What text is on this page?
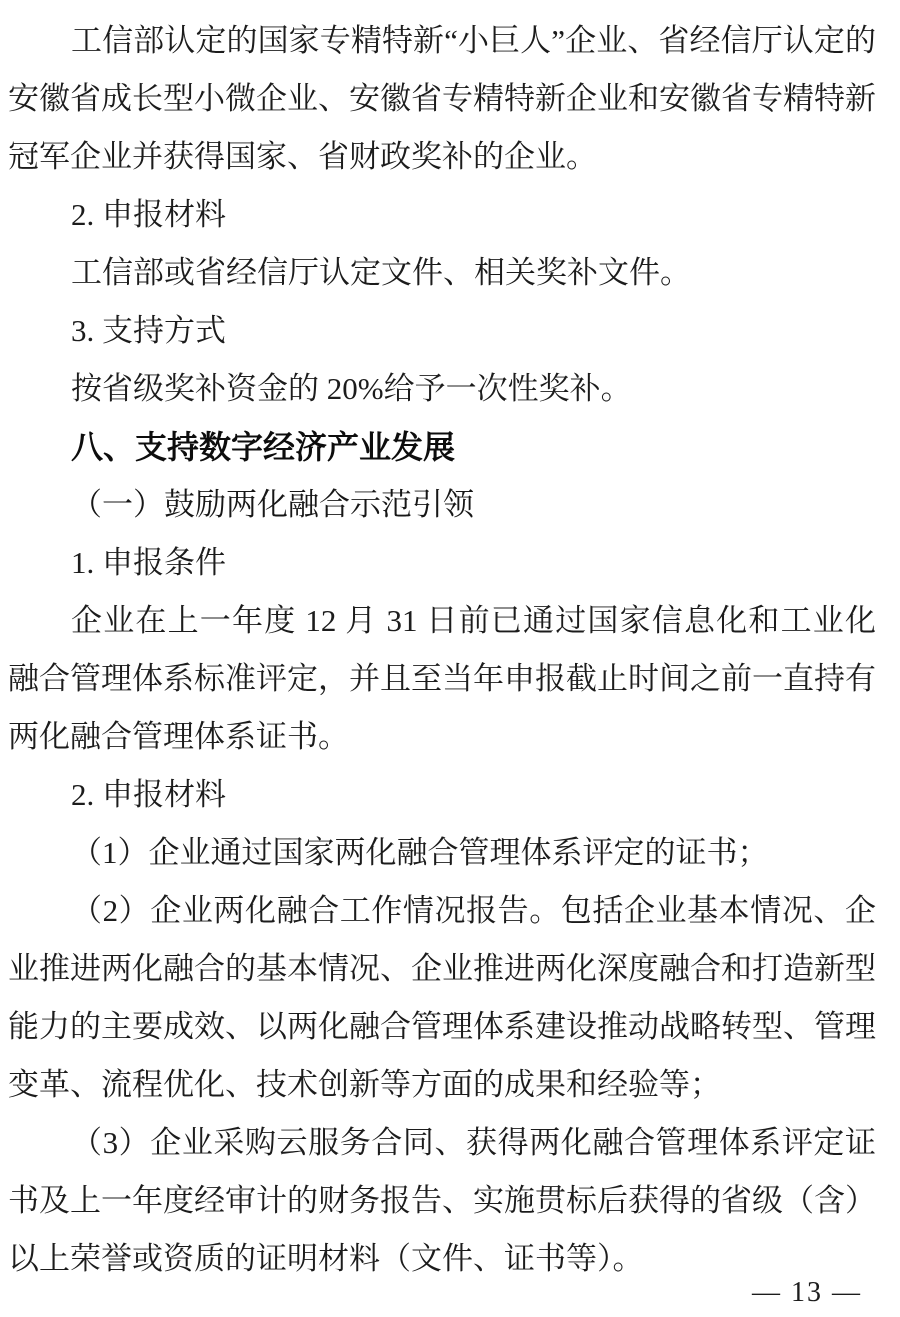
工信部认定的国家专精特新“小巨人”企业、省经信厅认定的安徽省成长型小微企业、安徽省专精特新企业和安徽省专精特新冠军企业并获得国家、省财政奖补的企业。

2. 申报材料

工信部或省经信厅认定文件、相关奖补文件。

3. 支持方式

按省级奖补资金的 20%给予一次性奖补。

八、支持数字经济产业发展

（一）鼓励两化融合示范引领

1. 申报条件

企业在上一年度 12 月 31 日前已通过国家信息化和工业化融合管理体系标准评定，并且至当年申报截止时间之前一直持有两化融合管理体系证书。

2. 申报材料

（1）企业通过国家两化融合管理体系评定的证书；

（2）企业两化融合工作情况报告。包括企业基本情况、企业推进两化融合的基本情况、企业推进两化深度融合和打造新型能力的主要成效、以两化融合管理体系建设推动战略转型、管理变革、流程优化、技术创新等方面的成果和经验等；

（3）企业采购云服务合同、获得两化融合管理体系评定证书及上一年度经审计的财务报告、实施贯标后获得的省级（含）以上荣誉或资质的证明材料（文件、证书等）。

— 13 —
